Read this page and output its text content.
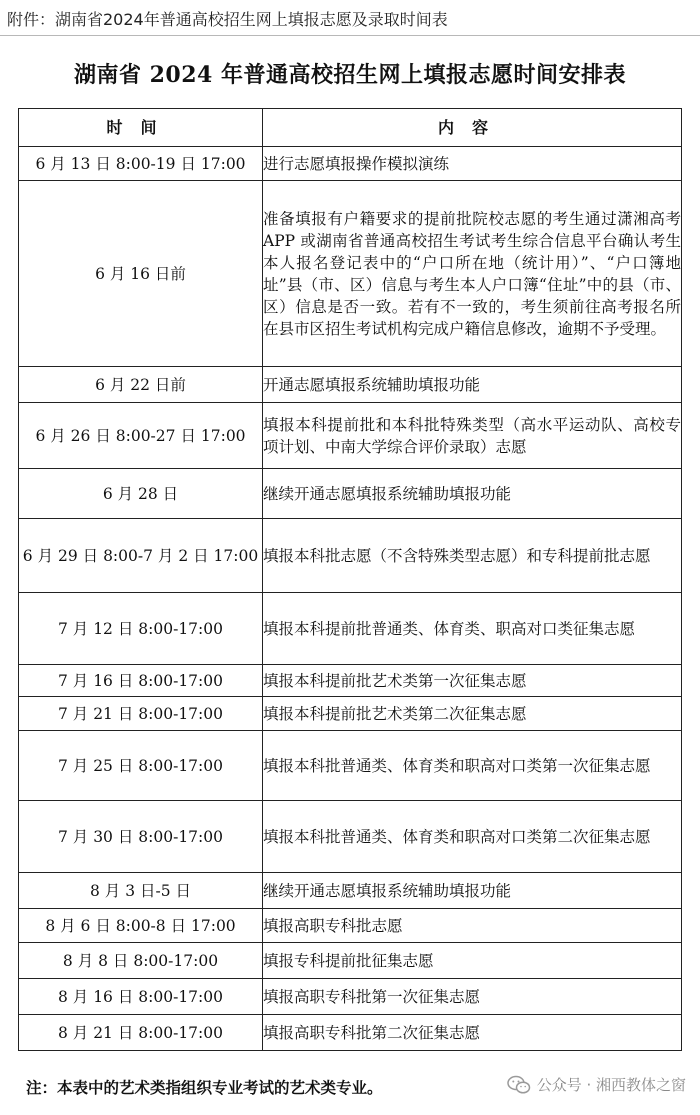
附件：湖南省2024年普通高校招生网上填报志愿及录取时间表
湖南省 2024 年普通高校招生网上填报志愿时间安排表
时间	内容
6 月 13 日 8:00-19 日 17:00	进行志愿填报操作模拟演练
6 月 16 日前	准备填报有户籍要求的提前批院校志愿的考生通过潇湘高考 APP 或湖南省普通高校招生考试考生综合信息平台确认考生本人报名登记表中的“户口所在地（统计用）”、“户口簿地址”县（市、区）信息与考生本人户口簿“住址”中的县（市、区）信息是否一致。若有不一致的，考生须前往高考报名所在县市区招生考试机构完成户籍信息修改，逾期不予受理。
6 月 22 日前	开通志愿填报系统辅助填报功能
6 月 26 日 8:00-27 日 17:00	填报本科提前批和本科批特殊类型（高水平运动队、高校专项计划、中南大学综合评价录取）志愿
6 月 28 日	继续开通志愿填报系统辅助填报功能
6 月 29 日 8:00-7 月 2 日 17:00	填报本科批志愿（不含特殊类型志愿）和专科提前批志愿
7 月 12 日 8:00-17:00	填报本科提前批普通类、体育类、职高对口类征集志愿
7 月 16 日 8:00-17:00	填报本科提前批艺术类第一次征集志愿
7 月 21 日 8:00-17:00	填报本科提前批艺术类第二次征集志愿
7 月 25 日 8:00-17:00	填报本科批普通类、体育类和职高对口类第一次征集志愿
7 月 30 日 8:00-17:00	填报本科批普通类、体育类和职高对口类第二次征集志愿
8 月 3 日-5 日	继续开通志愿填报系统辅助填报功能
8 月 6 日 8:00-8 日 17:00	填报高职专科批志愿
8 月 8 日 8:00-17:00	填报专科提前批征集志愿
8 月 16 日 8:00-17:00	填报高职专科批第一次征集志愿
8 月 21 日 8:00-17:00	填报高职专科批第二次征集志愿
注：本表中的艺术类指组织专业考试的艺术类专业。	公众号 · 湘西教体之窗
